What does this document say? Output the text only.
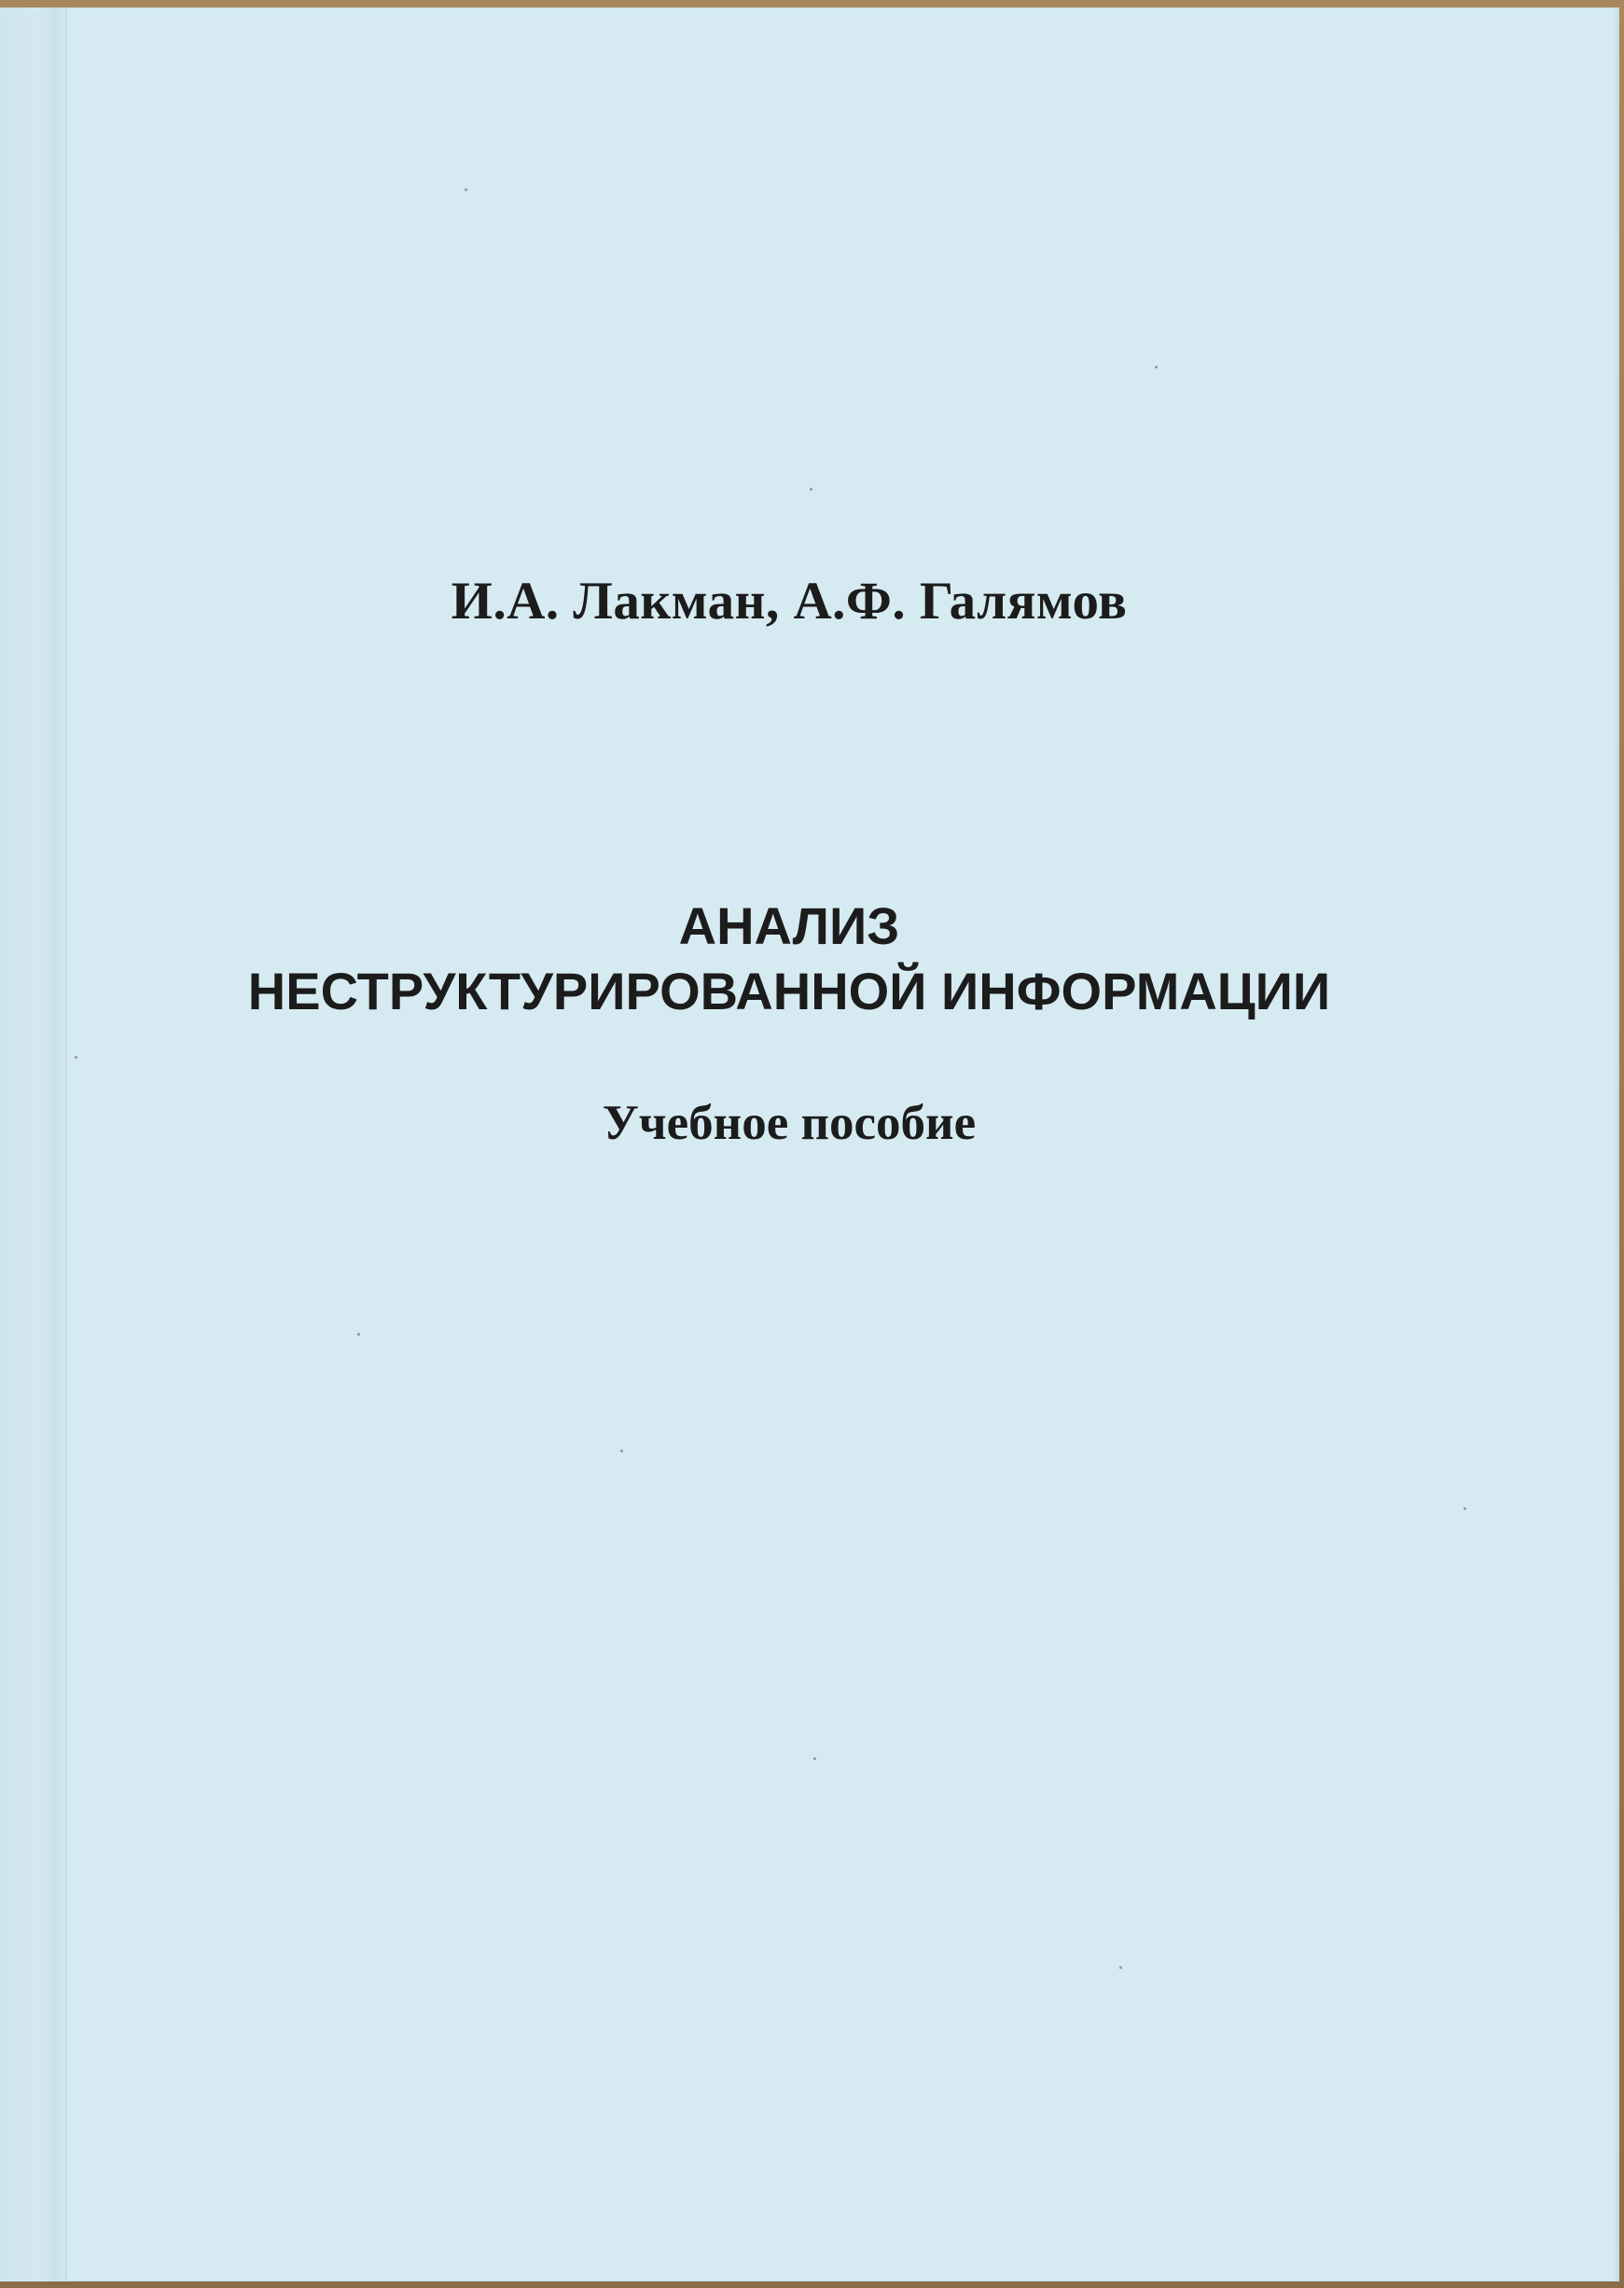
И.А. Лакман, А.Ф. Галямов
АНАЛИЗ
НЕСТРУКТУРИРОВАННОЙ ИНФОРМАЦИИ
Учебное пособие
